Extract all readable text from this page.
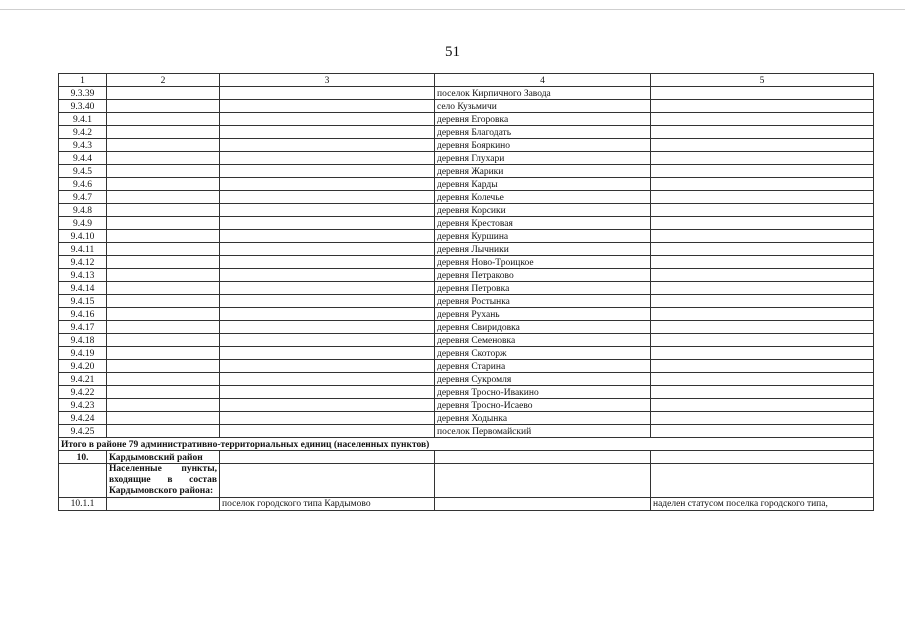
51
1	2	3	4	5
9.3.39			поселок Кирпичного Завода	
9.3.40			село Кузьмичи	
9.4.1			деревня Егоровка	
9.4.2			деревня Благодать	
9.4.3			деревня Бояркино	
9.4.4			деревня Глухари	
9.4.5			деревня Жарики	
9.4.6			деревня Карды	
9.4.7			деревня Колечье	
9.4.8			деревня Корсики	
9.4.9			деревня Крестовая	
9.4.10			деревня Куршина	
9.4.11			деревня Лычники	
9.4.12			деревня Ново-Троицкое	
9.4.13			деревня Петраково	
9.4.14			деревня Петровка	
9.4.15			деревня Ростынка	
9.4.16			деревня Рухань	
9.4.17			деревня Свиридовка	
9.4.18			деревня Семеновка	
9.4.19			деревня Скоторж	
9.4.20			деревня Старина	
9.4.21			деревня Сукромля	
9.4.22			деревня Тросно-Ивакино	
9.4.23			деревня Тросно-Исаево	
9.4.24			деревня Ходынка	
9.4.25			поселок Первомайский	
Итого в районе 79 административно-территориальных единиц (населенных пунктов)				
10.	Кардымовский район			
	Населенные пункты, входящие в состав Кардымовского района:			
10.1.1		поселок городского типа Кардымово		наделен статусом поселка городского типа,
